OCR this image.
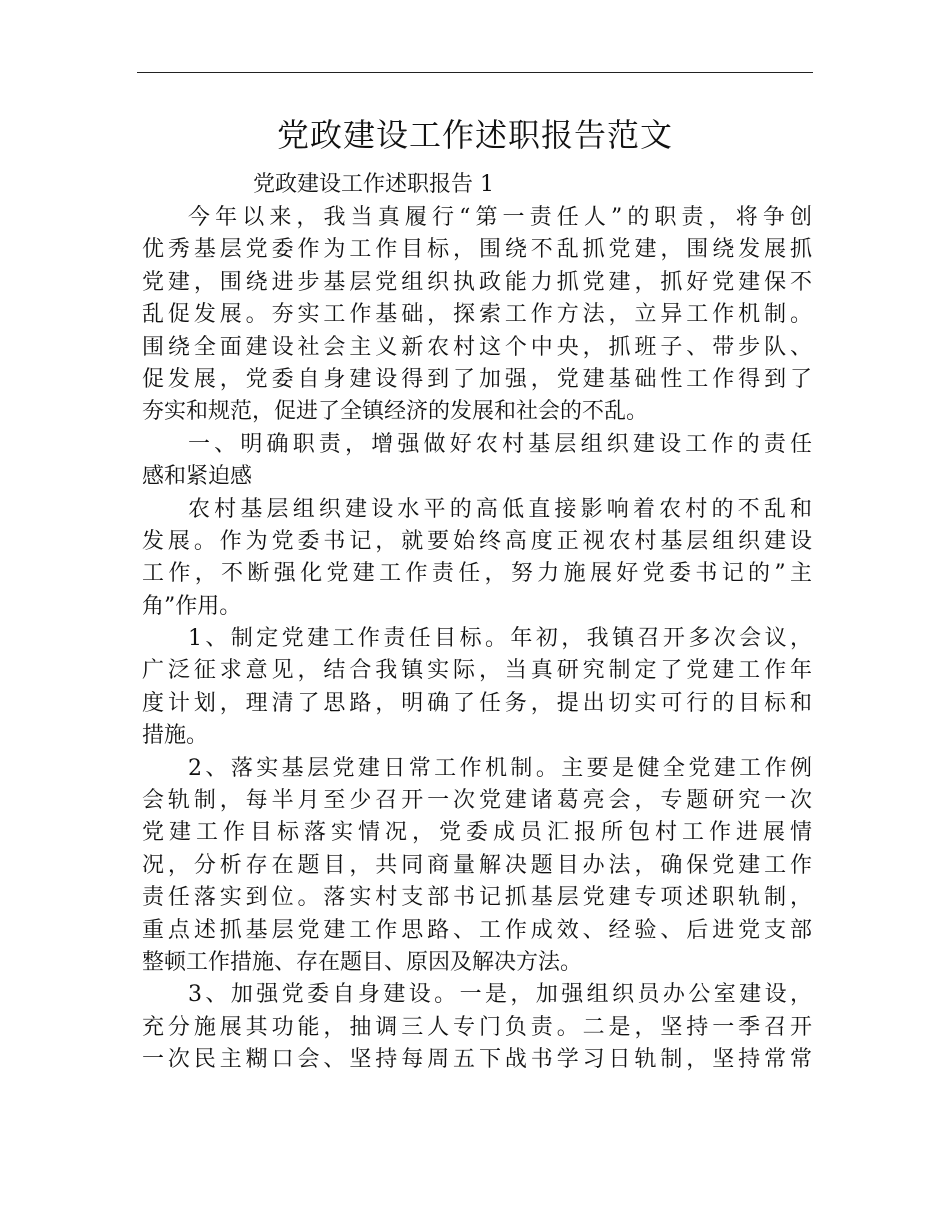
党政建设工作述职报告范文
党政建设工作述职报告 1
今年以来，我当真履行“第一责任人”的职责，将争创
优秀基层党委作为工作目标，围绕不乱抓党建，围绕发展抓
党建，围绕进步基层党组织执政能力抓党建，抓好党建保不
乱促发展。夯实工作基础，探索工作方法，立异工作机制。
围绕全面建设社会主义新农村这个中央，抓班子、带步队、
促发展，党委自身建设得到了加强，党建基础性工作得到了
夯实和规范，促进了全镇经济的发展和社会的不乱。
一、明确职责，增强做好农村基层组织建设工作的责任
感和紧迫感
农村基层组织建设水平的高低直接影响着农村的不乱和
发展。作为党委书记，就要始终高度正视农村基层组织建设
工作，不断强化党建工作责任，努力施展好党委书记的”主
角”作用。
1、制定党建工作责任目标。年初，我镇召开多次会议，
广泛征求意见，结合我镇实际，当真研究制定了党建工作年
度计划，理清了思路，明确了任务，提出切实可行的目标和
措施。
2、落实基层党建日常工作机制。主要是健全党建工作例
会轨制，每半月至少召开一次党建诸葛亮会，专题研究一次
党建工作目标落实情况，党委成员汇报所包村工作进展情
况，分析存在题目，共同商量解决题目办法，确保党建工作
责任落实到位。落实村支部书记抓基层党建专项述职轨制，
重点述抓基层党建工作思路、工作成效、经验、后进党支部
整顿工作措施、存在题目、原因及解决方法。
3、加强党委自身建设。一是，加强组织员办公室建设，
充分施展其功能，抽调三人专门负责。二是，坚持一季召开
一次民主糊口会、坚持每周五下战书学习日轨制，坚持常常
